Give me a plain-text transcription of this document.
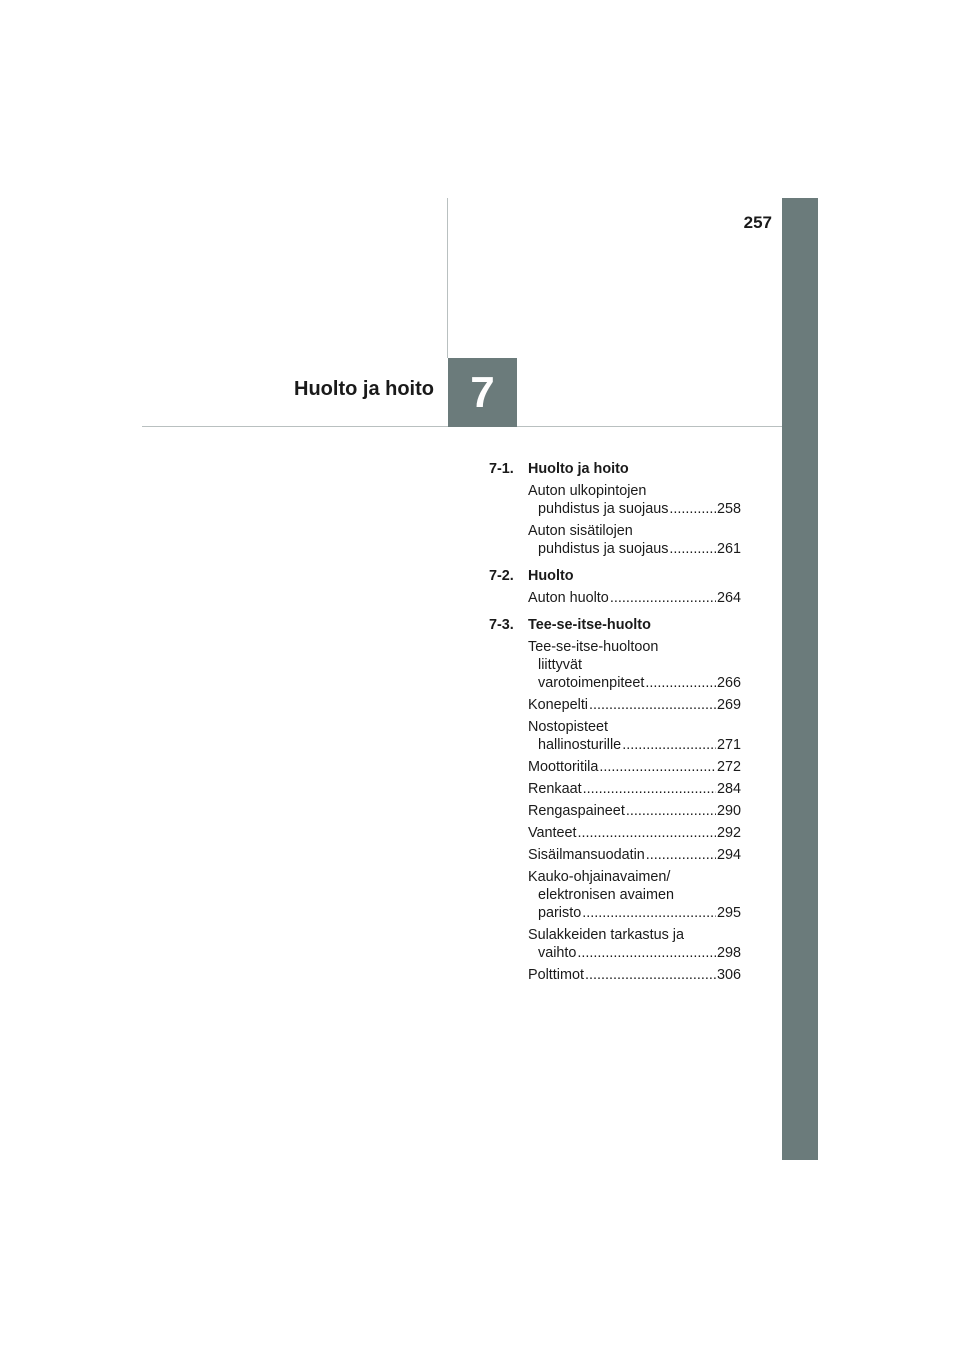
257
7
Huolto ja hoito
7-1. Huolto ja hoito
Auton ulkopintojen
puhdistus ja suojaus .....	258
Auton sisätilojen
puhdistus ja suojaus .....	261
7-2. Huolto
Auton huolto .....	264
7-3. Tee-se-itse-huolto
Tee-se-itse-huoltoon
liittyvät
varotoimenpiteet .....	266
Konepelti .....	269
Nostopisteet
hallinosturille .....	271
Moottoritila .....	272
Renkaat .....	284
Rengaspaineet .....	290
Vanteet .....	292
Sisäilmansuodatin .....	294
Kauko-ohjainavaimen/
elektronisen avaimen
paristo .....	295
Sulakkeiden tarkastus ja
vaihto .....	298
Polttimot .....	306
